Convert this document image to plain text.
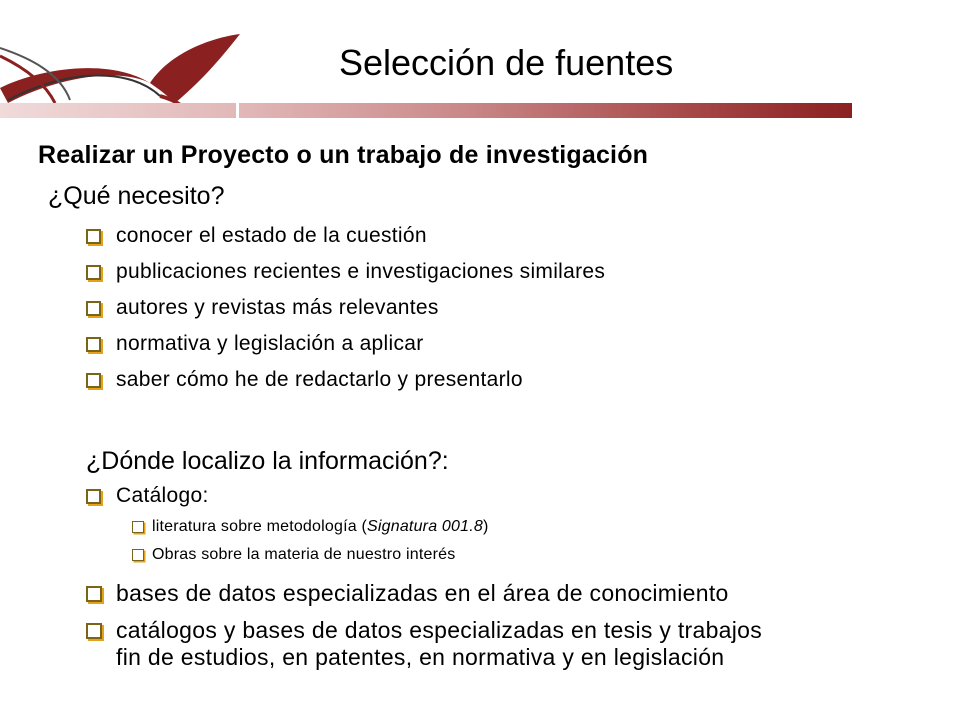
Selección de fuentes
Realizar un Proyecto o un trabajo de investigación
¿Qué necesito?
conocer el estado de la cuestión
publicaciones recientes e investigaciones similares
autores y revistas más relevantes
normativa y legislación a aplicar
saber cómo he de redactarlo y presentarlo
¿Dónde localizo la información?:
Catálogo:
literatura sobre metodología (Signatura 001.8)
Obras sobre la materia de nuestro interés
bases de datos especializadas en el área de conocimiento
catálogos y bases de datos especializadas en tesis y trabajos
fin de estudios, en patentes, en normativa y en legislación
